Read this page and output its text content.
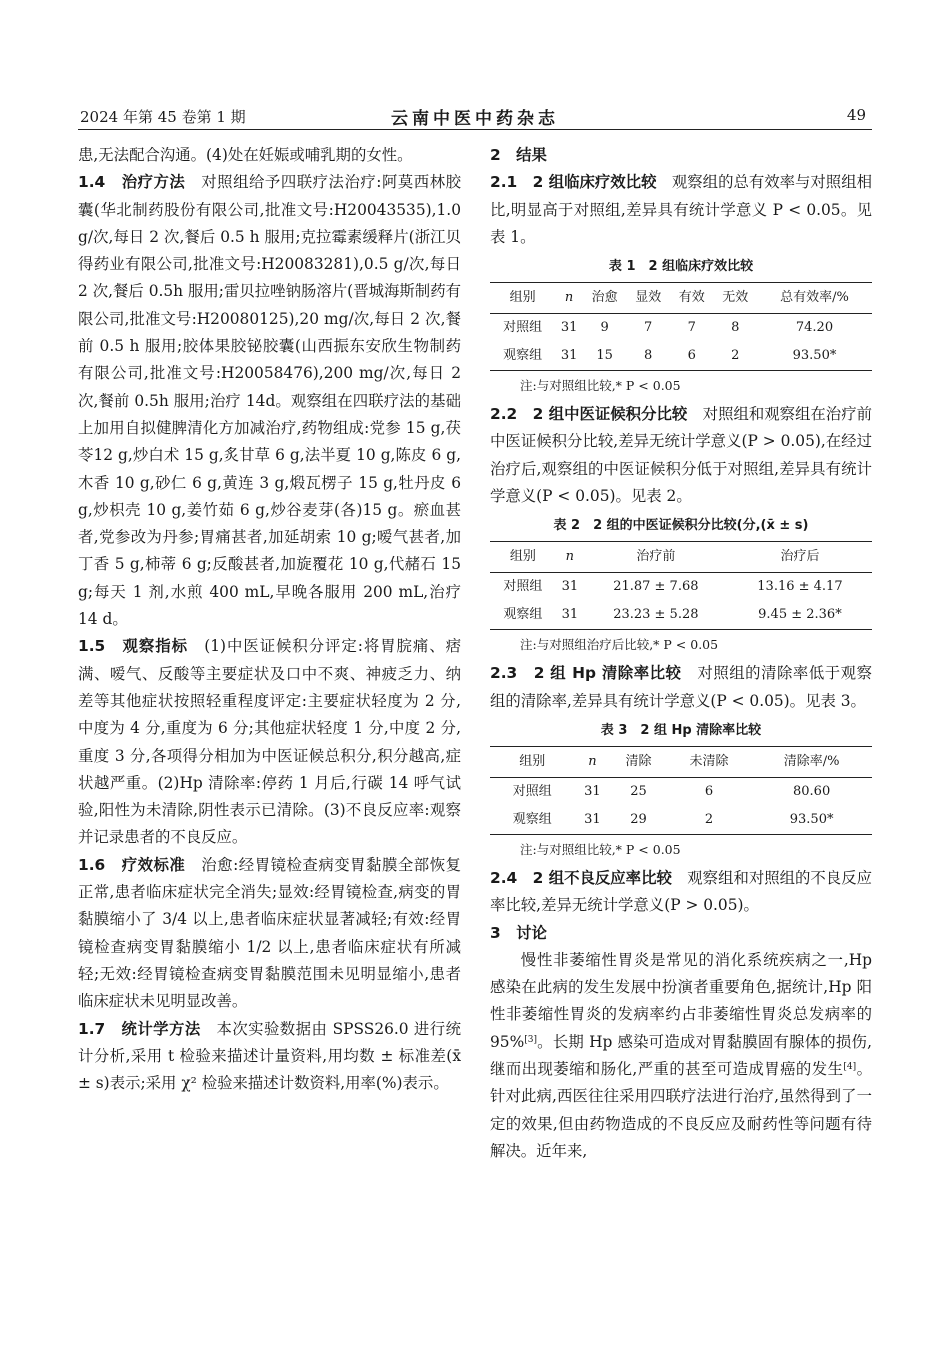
2024 年第 45 卷第 1 期	云南中医中药杂志	49

患,无法配合沟通。(4)处在妊娠或哺乳期的女性。

1.4　治疗方法　 对照组给予四联疗法治疗:阿莫西林胶囊(华北制药股份有限公司,批准文号:H20043535),1.0 g/次,每日 2 次,餐后 0.5 h 服用;克拉霉素缓释片(浙江贝得药业有限公司,批准文号:H20083281),0.5 g/次,每日 2 次,餐后 0.5h 服用;雷贝拉唑钠肠溶片(晋城海斯制药有限公司,批准文号:H20080125),20 mg/次,每日 2 次,餐前 0.5 h 服用;胶体果胶铋胶囊(山西振东安欣生物制药有限公司,批准文号:H20058476),200 mg/次,每日 2 次,餐前 0.5h 服用;治疗 14d。观察组在四联疗法的基础上加用自拟健脾清化方加减治疗,药物组成:党参 15 g,茯苓12 g,炒白术 15 g,炙甘草 6 g,法半夏 10 g,陈皮 6 g,木香 10 g,砂仁 6 g,黄连 3 g,煅瓦楞子 15 g,牡丹皮 6 g,炒枳壳 10 g,姜竹茹 6 g,炒谷麦芽(各)15 g。瘀血甚者,党参改为丹参;胃痛甚者,加延胡索 10 g;嗳气甚者,加丁香 5 g,柿蒂 6 g;反酸甚者,加旋覆花 10 g,代赭石 15 g;每天 1 剂,水煎 400 mL,早晚各服用 200 mL,治疗 14 d。

1.5　观察指标　 (1)中医证候积分评定:将胃脘痛、痞满、嗳气、反酸等主要症状及口中不爽、神疲乏力、纳差等其他症状按照轻重程度评定:主要症状轻度为 2 分,中度为 4 分,重度为 6 分;其他症状轻度 1 分,中度 2 分,重度 3 分,各项得分相加为中医证候总积分,积分越高,症状越严重。(2)Hp 清除率:停药 1 月后,行碳 14 呼气试验,阳性为未清除,阴性表示已清除。(3)不良反应率:观察并记录患者的不良反应。

1.6　疗效标准　 治愈:经胃镜检查病变胃黏膜全部恢复正常,患者临床症状完全消失;显效:经胃镜检查,病变的胃黏膜缩小了 3/4 以上,患者临床症状显著减轻;有效:经胃镜检查病变胃黏膜缩小 1/2 以上,患者临床症状有所减轻;无效:经胃镜检查病变胃黏膜范围未见明显缩小,患者临床症状未见明显改善。

1.7　统计学方法　 本次实验数据由 SPSS26.0 进行统计分析,采用 t 检验来描述计量资料,用均数 ± 标准差(x̄ ± s)表示;采用 χ² 检验来描述计数资料,用率(%)表示。

2　结果

2.1　2 组临床疗效比较　 观察组的总有效率与对照组相比,明显高于对照组,差异具有统计学意义 P < 0.05。见表 1。

表 1　2 组临床疗效比较
组别	n	治愈	显效	有效	无效	总有效率/%
对照组	31	9	7	7	8	74.20
观察组	31	15	8	6	2	93.50*
注:与对照组比较,* P < 0.05

2.2　2 组中医证候积分比较　 对照组和观察组在治疗前中医证候积分比较,差异无统计学意义(P > 0.05),在经过治疗后,观察组的中医证候积分低于对照组,差异具有统计学意义(P < 0.05)。见表 2。

表 2　2 组的中医证候积分比较(分,(x̄ ± s)
组别	n	治疗前	治疗后
对照组	31	21.87 ± 7.68	13.16 ± 4.17
观察组	31	23.23 ± 5.28	9.45 ± 2.36*
注:与对照组治疗后比较,* P < 0.05

2.3　2 组 Hp 清除率比较　 对照组的清除率低于观察组的清除率,差异具有统计学意义(P < 0.05)。见表 3。

表 3　2 组 Hp 清除率比较
组别	n	清除	未清除	清除率/%
对照组	31	25	6	80.60
观察组	31	29	2	93.50*
注:与对照组比较,* P < 0.05

2.4　2 组不良反应率比较　 观察组和对照组的不良反应率比较,差异无统计学意义(P > 0.05)。

3　讨论

慢性非萎缩性胃炎是常见的消化系统疾病之一,Hp 感染在此病的发生发展中扮演者重要角色,据统计,Hp 阳性非萎缩性胃炎的发病率约占非萎缩性胃炎总发病率的 95%[3]。长期 Hp 感染可造成对胃黏膜固有腺体的损伤,继而出现萎缩和肠化,严重的甚至可造成胃癌的发生[4]。针对此病,西医往往采用四联疗法进行治疗,虽然得到了一定的效果,但由药物造成的不良反应及耐药性等问题有待解决。近年来,
